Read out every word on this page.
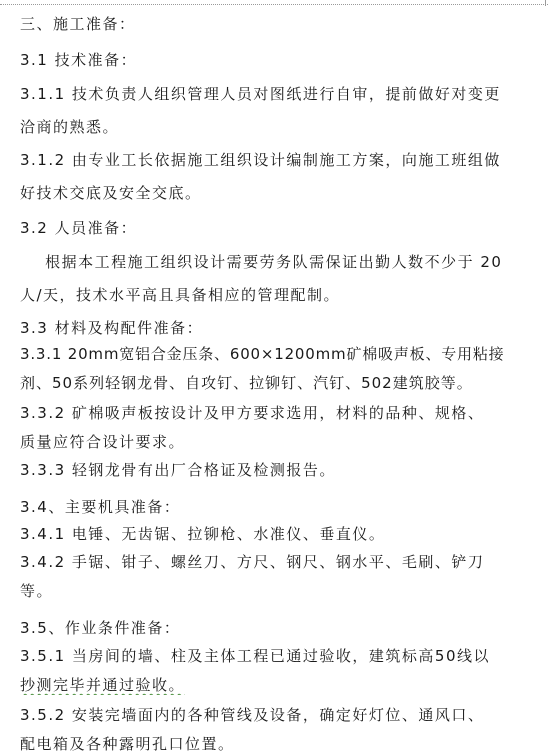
三、施工准备：
3.1 技术准备：
3.1.1 技术负责人组织管理人员对图纸进行自审，提前做好对变更
洽商的熟悉。
3.1.2 由专业工长依据施工组织设计编制施工方案，向施工班组做
好技术交底及安全交底。
3.2 人员准备：
根据本工程施工组织设计需要劳务队需保证出勤人数不少于 20
人/天，技术水平高且具备相应的管理配制。
3.3 材料及构配件准备：
3.3.1 20mm宽铝合金压条、600×1200mm矿棉吸声板、专用粘接
剂、50系列轻钢龙骨、自攻钉、拉铆钉、汽钉、502建筑胶等。
3.3.2 矿棉吸声板按设计及甲方要求选用，材料的品种、规格、
质量应符合设计要求。
3.3.3 轻钢龙骨有出厂合格证及检测报告。
3.4、主要机具准备：
3.4.1 电锤、无齿锯、拉铆枪、水准仪、垂直仪。
3.4.2 手锯、钳子、螺丝刀、方尺、钢尺、钢水平、毛刷、铲刀
等。
3.5、作业条件准备：
3.5.1 当房间的墙、柱及主体工程已通过验收，建筑标高50线以
抄测完毕并通过验收。
3.5.2 安装完墙面内的各种管线及设备，确定好灯位、通风口、
配电箱及各种露明孔口位置。
